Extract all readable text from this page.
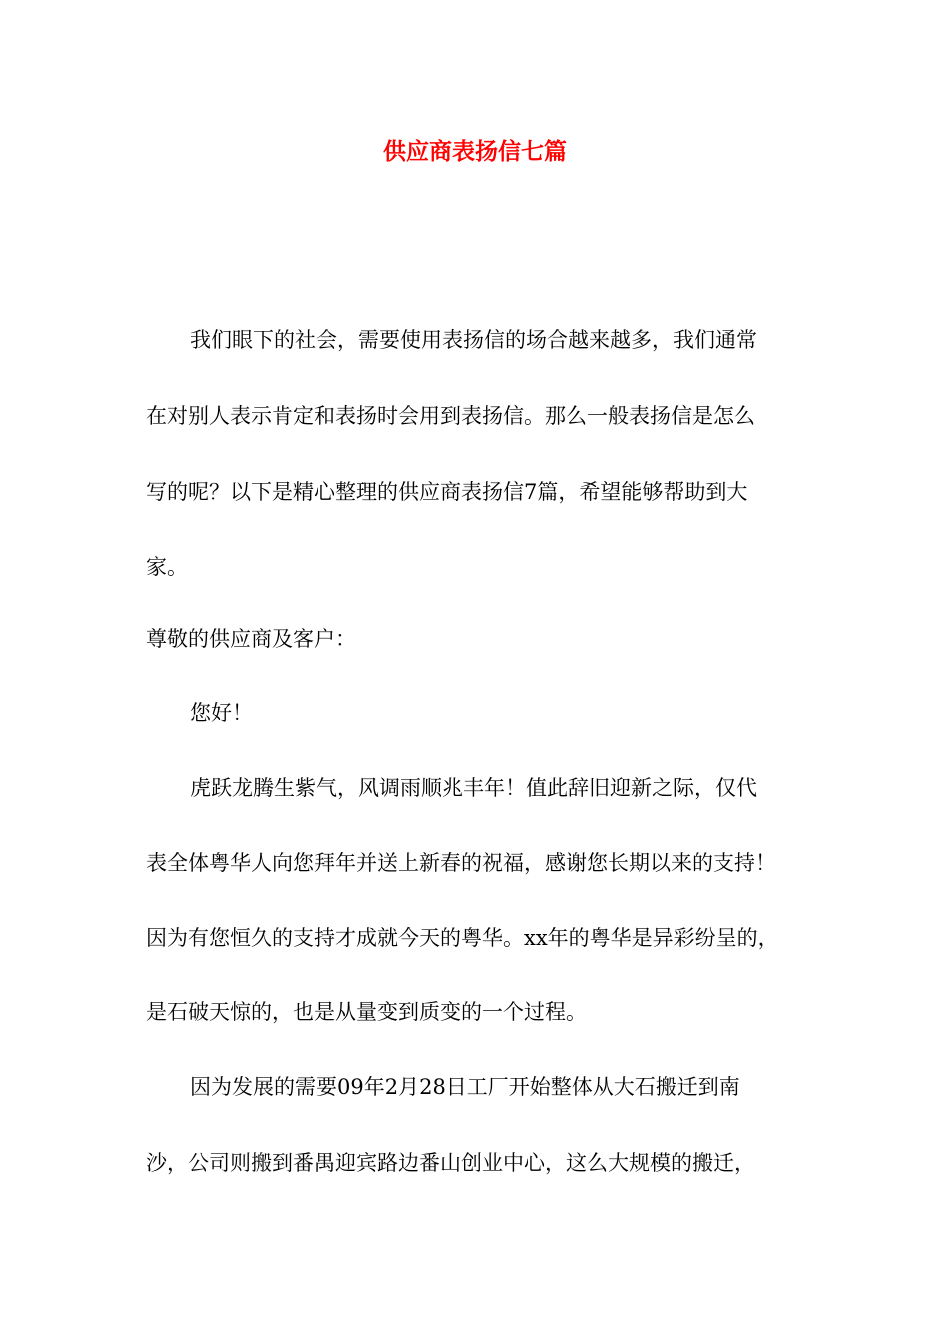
供应商表扬信七篇
我们眼下的社会，需要使用表扬信的场合越来越多，我们通常
在对别人表示肯定和表扬时会用到表扬信。那么一般表扬信是怎么
写的呢？以下是精心整理的供应商表扬信7篇，希望能够帮助到大
家。
尊敬的供应商及客户：
您好！
虎跃龙腾生紫气，风调雨顺兆丰年！值此辞旧迎新之际，仅代
表全体粤华人向您拜年并送上新春的祝福，感谢您长期以来的支持！
因为有您恒久的支持才成就今天的粤华。xx年的粤华是异彩纷呈的，
是石破天惊的，也是从量变到质变的一个过程。
因为发展的需要09年2月28日工厂开始整体从大石搬迁到南
沙，公司则搬到番禺迎宾路边番山创业中心，这么大规模的搬迁，
